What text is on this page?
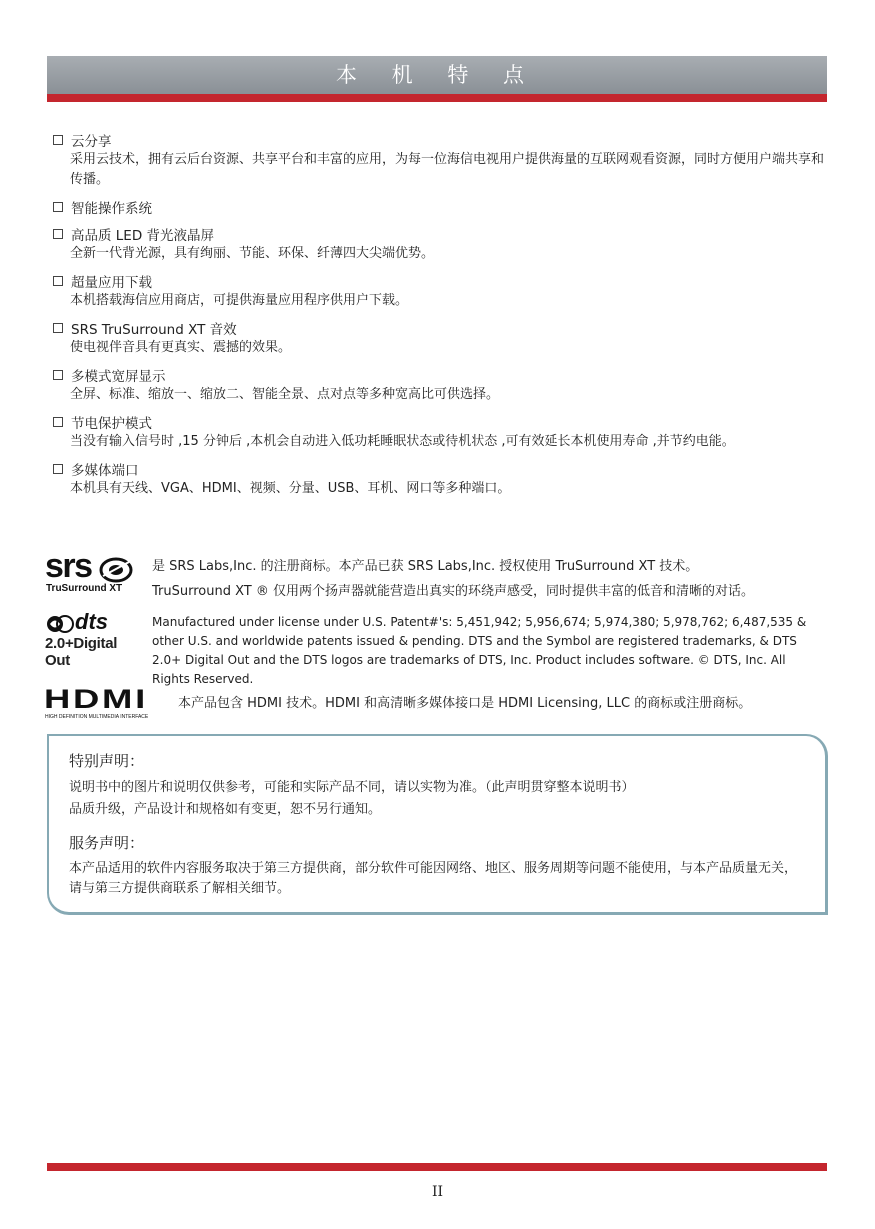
本 机 特 点
云分享
采用云技术，拥有云后台资源、共享平台和丰富的应用，为每一位海信电视用户提供海量的互联网观看资源，同时方便用户端共享和传播。
智能操作系统
高品质 LED 背光液晶屏
全新一代背光源，具有绚丽、节能、环保、纤薄四大尖端优势。
超量应用下载
本机搭载海信应用商店，可提供海量应用程序供用户下载。
SRS TruSurround XT 音效
使电视伴音具有更真实、震撼的效果。
多模式宽屏显示
全屏、标准、缩放一、缩放二、智能全景、点对点等多种宽高比可供选择。
节电保护模式
当没有输入信号时 ,15 分钟后 ,本机会自动进入低功耗睡眠状态或待机状态 ,可有效延长本机使用寿命 ,并节约电能。
多媒体端口
本机具有天线、VGA、HDMI、视频、分量、USB、耳机、网口等多种端口。
srs
TruSurround XT
是 SRS Labs,Inc. 的注册商标。本产品已获 SRS Labs,Inc. 授权使用 TruSurround XT 技术。
TruSurround XT ® 仅用两个扬声器就能营造出真实的环绕声感受，同时提供丰富的低音和清晰的对话。
dts
2.0+Digital Out
Manufactured under license under U.S. Patent#'s: 5,451,942; 5,956,674; 5,974,380; 5,978,762; 6,487,535 & other U.S. and worldwide patents issued & pending. DTS and the Symbol are registered trademarks, & DTS 2.0+ Digital Out and the DTS logos are trademarks of DTS, Inc. Product includes software. © DTS, Inc. All Rights Reserved.
HDMI
HIGH DEFINITION MULTIMEDIA INTERFACE
本产品包含 HDMI 技术。HDMI 和高清晰多媒体接口是 HDMI Licensing, LLC 的商标或注册商标。
特别声明：

说明书中的图片和说明仅供参考，可能和实际产品不同，请以实物为准。（此声明贯穿整本说明书）

品质升级，产品设计和规格如有变更，恕不另行通知。

服务声明：

本产品适用的软件内容服务取决于第三方提供商，部分软件可能因网络、地区、服务周期等问题不能使用，与本产品质量无关，请与第三方提供商联系了解相关细节。

II
